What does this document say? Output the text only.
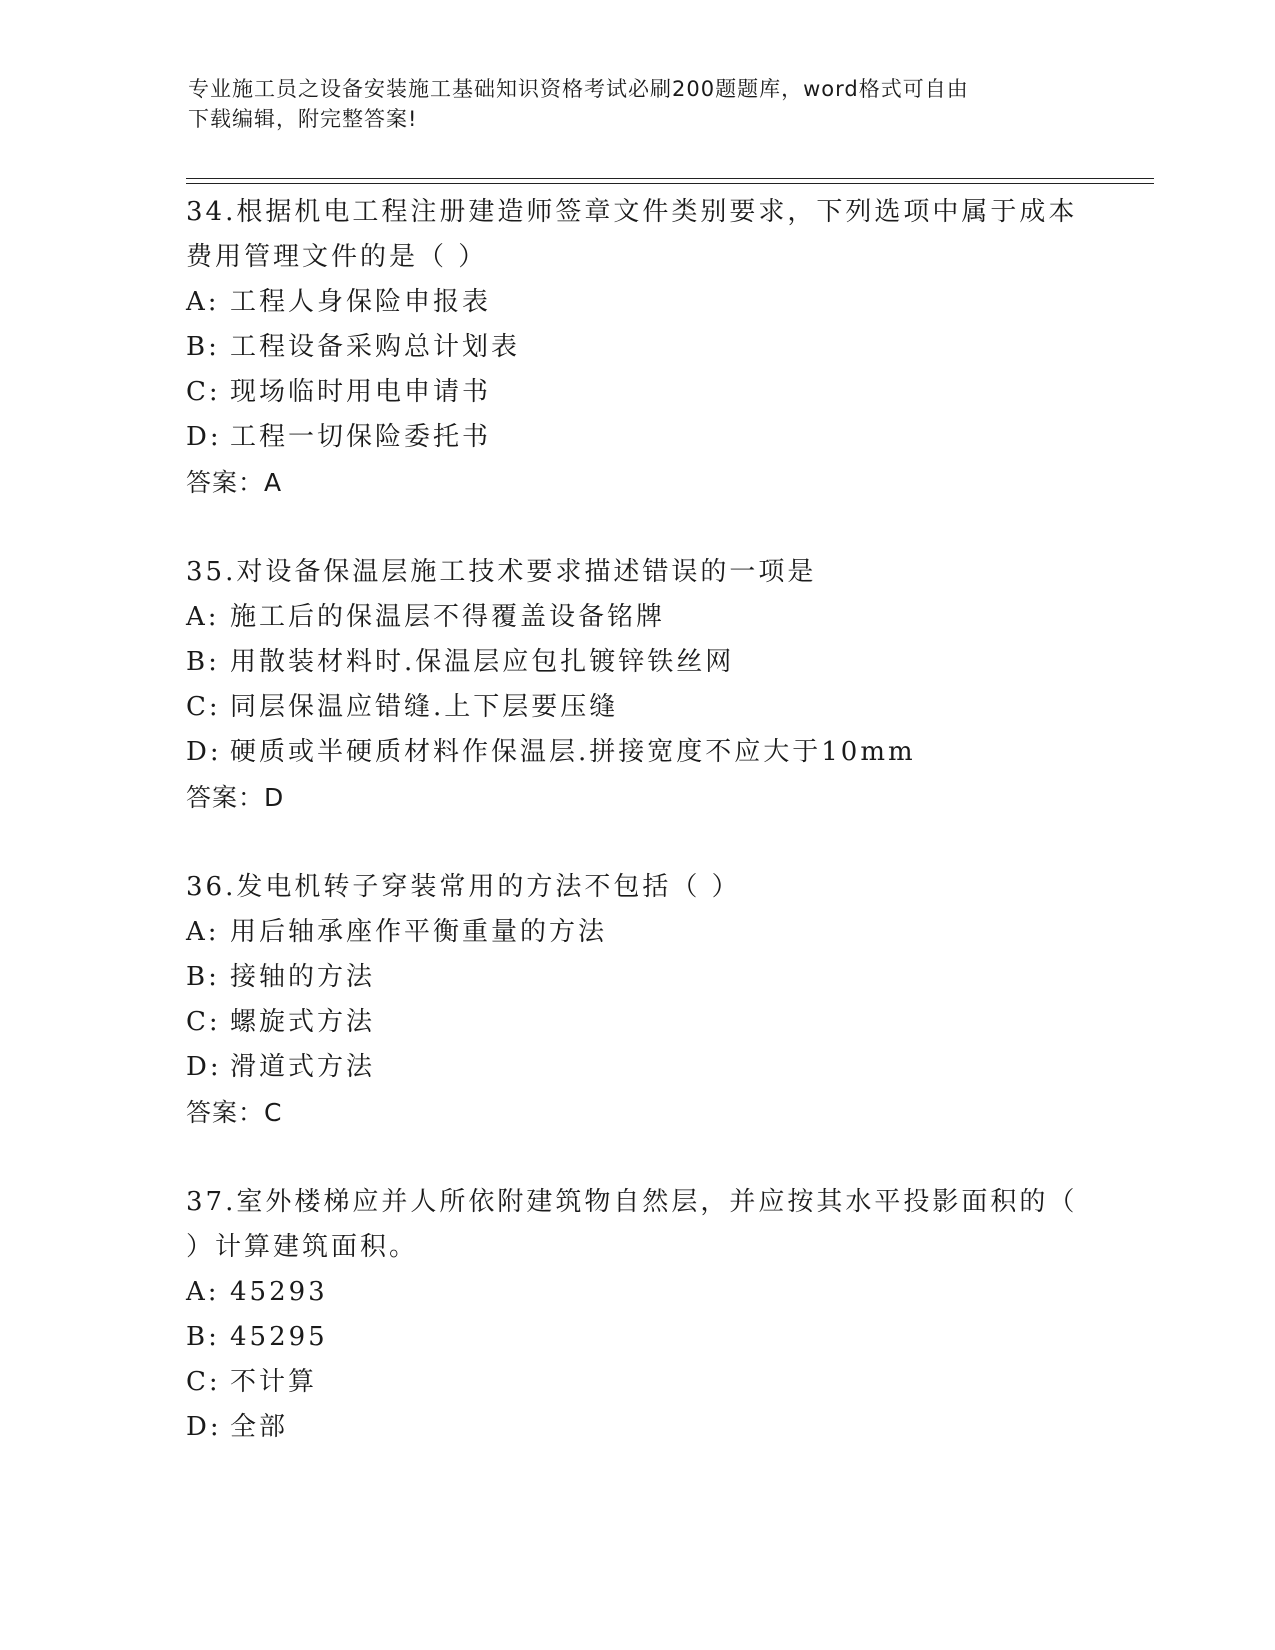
专业施工员之设备安装施工基础知识资格考试必刷200题题库，word格式可自由
下载编辑，附完整答案!

34.根据机电工程注册建造师签章文件类别要求，下列选项中属于成本
费用管理文件的是（ ）

A: 工程人身保险申报表

B: 工程设备采购总计划表

C: 现场临时用电申请书

D: 工程一切保险委托书

答案：A

35.对设备保温层施工技术要求描述错误的一项是

A: 施工后的保温层不得覆盖设备铭牌

B: 用散装材料时.保温层应包扎镀锌铁丝网

C: 同层保温应错缝.上下层要压缝

D: 硬质或半硬质材料作保温层.拼接宽度不应大于10mm

答案：D

36.发电机转子穿装常用的方法不包括（ ）

A: 用后轴承座作平衡重量的方法

B: 接轴的方法

C: 螺旋式方法

D: 滑道式方法

答案：C

37.室外楼梯应并人所依附建筑物自然层，并应按其水平投影面积的（
）计算建筑面积。

A: 45293

B: 45295

C: 不计算

D: 全部
